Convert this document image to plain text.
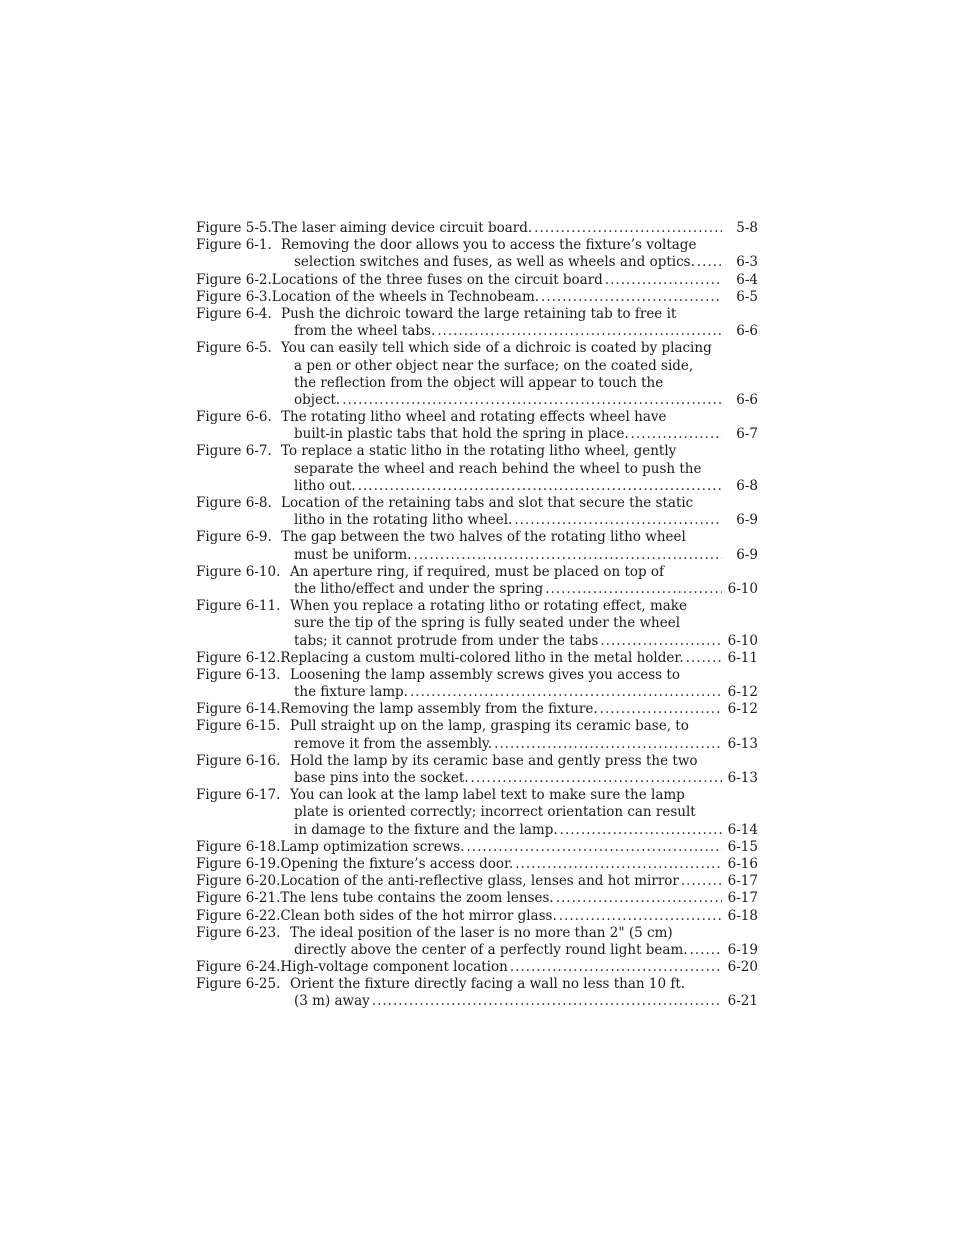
Figure 5-5. The laser aiming device circuit board. .....	5-8
Figure 6-1. Removing the door allows you to access the fixture’s voltage
selection switches and fuses, as well as wheels and optics. .....	6-3
Figure 6-2. Locations of the three fuses on the circuit board .....	6-4
Figure 6-3. Location of the wheels in Technobeam. .....	6-5
Figure 6-4. Push the dichroic toward the large retaining tab to free it
from the wheel tabs. .....	6-6
Figure 6-5. You can easily tell which side of a dichroic is coated by placing
a pen or other object near the surface; on the coated side,
the reflection from the object will appear to touch the
object. .....	6-6
Figure 6-6. The rotating litho wheel and rotating effects wheel have
built-in plastic tabs that hold the spring in place. .....	6-7
Figure 6-7. To replace a static litho in the rotating litho wheel, gently
separate the wheel and reach behind the wheel to push the
litho out. .....	6-8
Figure 6-8. Location of the retaining tabs and slot that secure the static
litho in the rotating litho wheel. .....	6-9
Figure 6-9. The gap between the two halves of the rotating litho wheel
must be uniform. .....	6-9
Figure 6-10. An aperture ring, if required, must be placed on top of
the litho/effect and under the spring .....	6-10
Figure 6-11. When you replace a rotating litho or rotating effect, make
sure the tip of the spring is fully seated under the wheel
tabs; it cannot protrude from under the tabs .....	6-10
Figure 6-12. Replacing a custom multi-colored litho in the metal holder. .....	6-11
Figure 6-13. Loosening the lamp assembly screws gives you access to
the fixture lamp. .....	6-12
Figure 6-14. Removing the lamp assembly from the fixture. .....	6-12
Figure 6-15. Pull straight up on the lamp, grasping its ceramic base, to
remove it from the assembly. .....	6-13
Figure 6-16. Hold the lamp by its ceramic base and gently press the two
base pins into the socket. .....	6-13
Figure 6-17. You can look at the lamp label text to make sure the lamp
plate is oriented correctly; incorrect orientation can result
in damage to the fixture and the lamp. .....	6-14
Figure 6-18. Lamp optimization screws. .....	6-15
Figure 6-19. Opening the fixture’s access door. .....	6-16
Figure 6-20. Location of the anti-reflective glass, lenses and hot mirror .....	6-17
Figure 6-21. The lens tube contains the zoom lenses. .....	6-17
Figure 6-22. Clean both sides of the hot mirror glass. .....	6-18
Figure 6-23. The ideal position of the laser is no more than 2" (5 cm)
directly above the center of a perfectly round light beam. .....	6-19
Figure 6-24. High-voltage component location .....	6-20
Figure 6-25. Orient the fixture directly facing a wall no less than 10 ft.
(3 m) away .....	6-21
